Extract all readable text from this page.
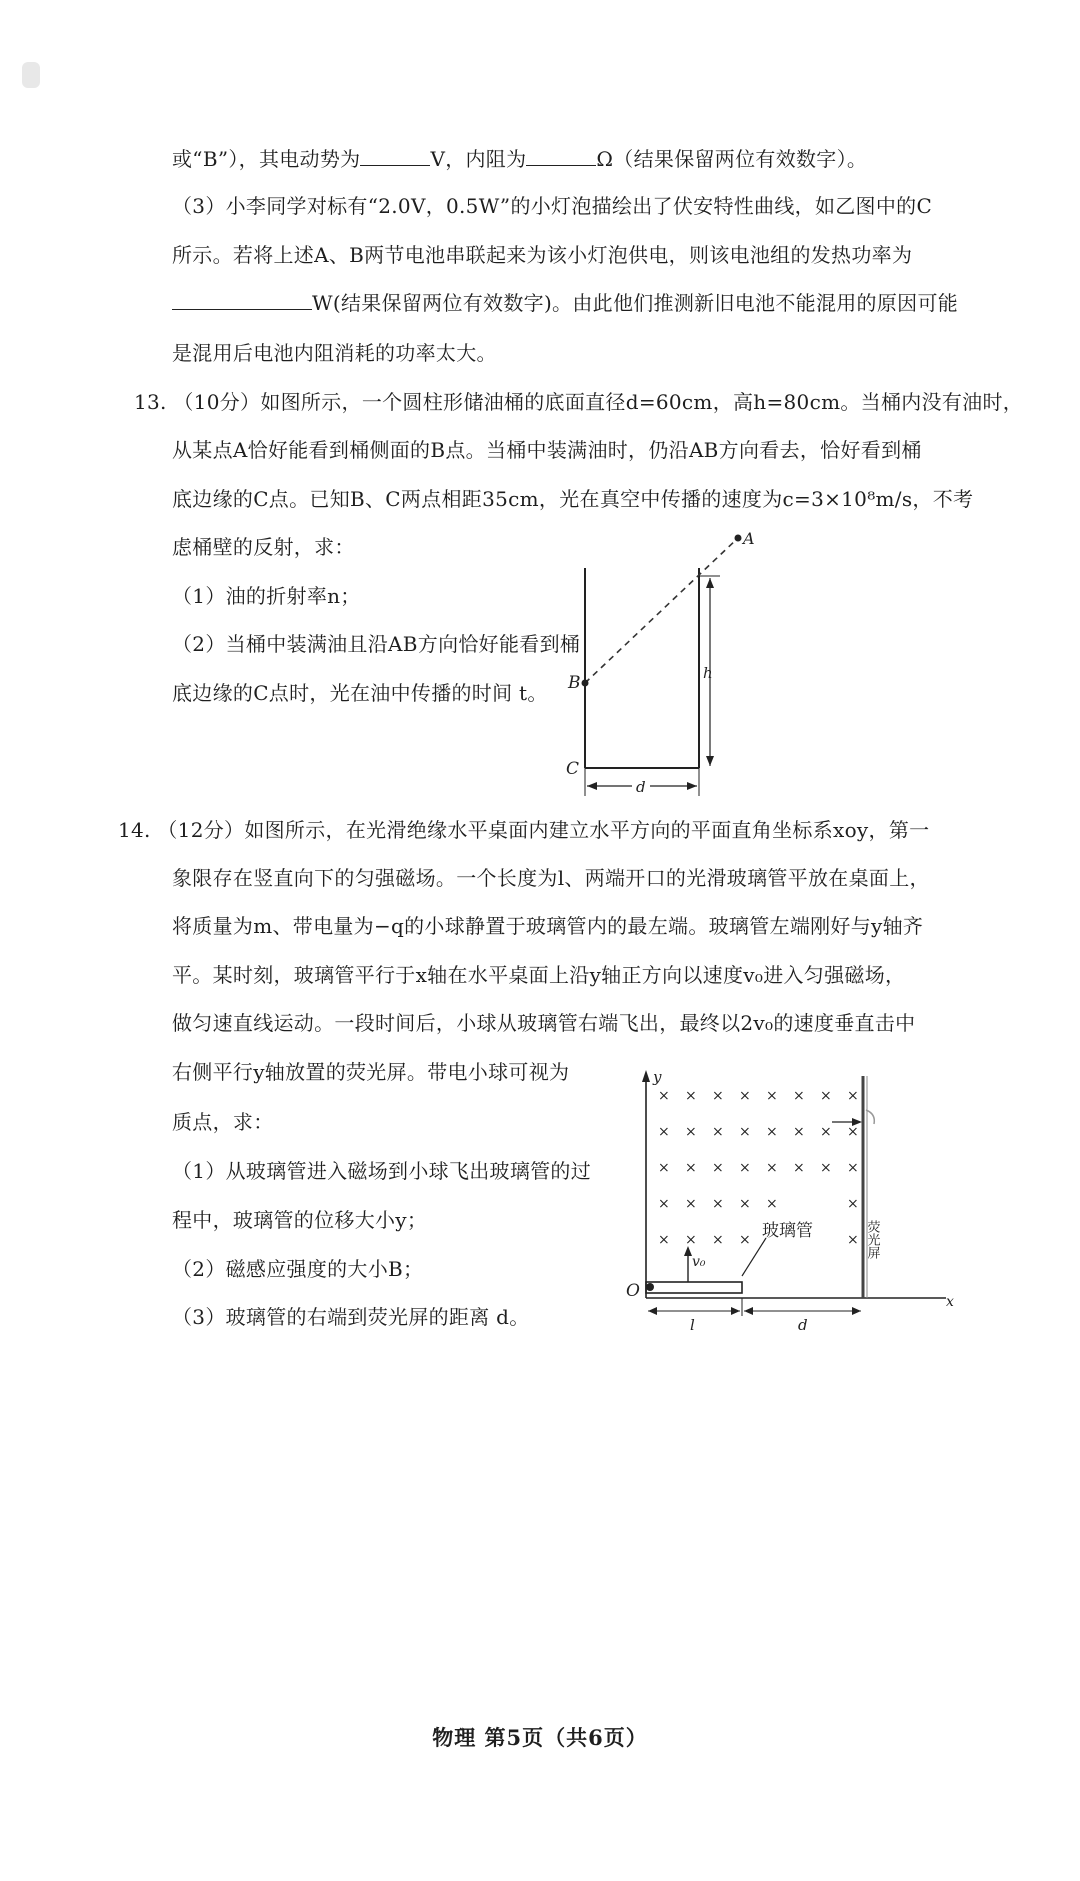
或“B”），其电动势为	V，内阻为	Ω（结果保留两位有效数字）。
（3）小李同学对标有“2.0V，0.5W”的小灯泡描绘出了伏安特性曲线，如乙图中的C
所示。若将上述A、B两节电池串联起来为该小灯泡供电，则该电池组的发热功率为
W(结果保留两位有效数字)。由此他们推测新旧电池不能混用的原因可能
是混用后电池内阻消耗的功率太大。
13. （10分）如图所示，一个圆柱形储油桶的底面直径d=60cm，高h=80cm。当桶内没有油时，
从某点A恰好能看到桶侧面的B点。当桶中装满油时，仍沿AB方向看去，恰好看到桶
底边缘的C点。已知B、C两点相距35cm，光在真空中传播的速度为c=3×10⁸m/s，不考
虑桶壁的反射，求：
（1）油的折射率n；
（2）当桶中装满油且沿AB方向恰好能看到桶
底边缘的C点时，光在油中传播的时间 t。
A
B
C
h
d
14. （12分）如图所示，在光滑绝缘水平桌面内建立水平方向的平面直角坐标系xoy，第一
象限存在竖直向下的匀强磁场。一个长度为l、两端开口的光滑玻璃管平放在桌面上，
将质量为m、带电量为−q的小球静置于玻璃管内的最左端。玻璃管左端刚好与y轴齐
平。某时刻，玻璃管平行于x轴在水平桌面上沿y轴正方向以速度v₀进入匀强磁场，
做匀速直线运动。一段时间后，小球从玻璃管右端飞出，最终以2v₀的速度垂直击中
右侧平行y轴放置的荧光屏。带电小球可视为
质点，求：
（1）从玻璃管进入磁场到小球飞出玻璃管的过
程中，玻璃管的位移大小y；
（2）磁感应强度的大小B；
（3）玻璃管的右端到荧光屏的距离 d。
y
x
O
× × × × × × × ×
× × × × × × × ×
× × × × × × × ×
× × × × ×	×
× × × ×	× 荧光屏
v₀
玻璃管
l	d
物理 第5页（共6页）
